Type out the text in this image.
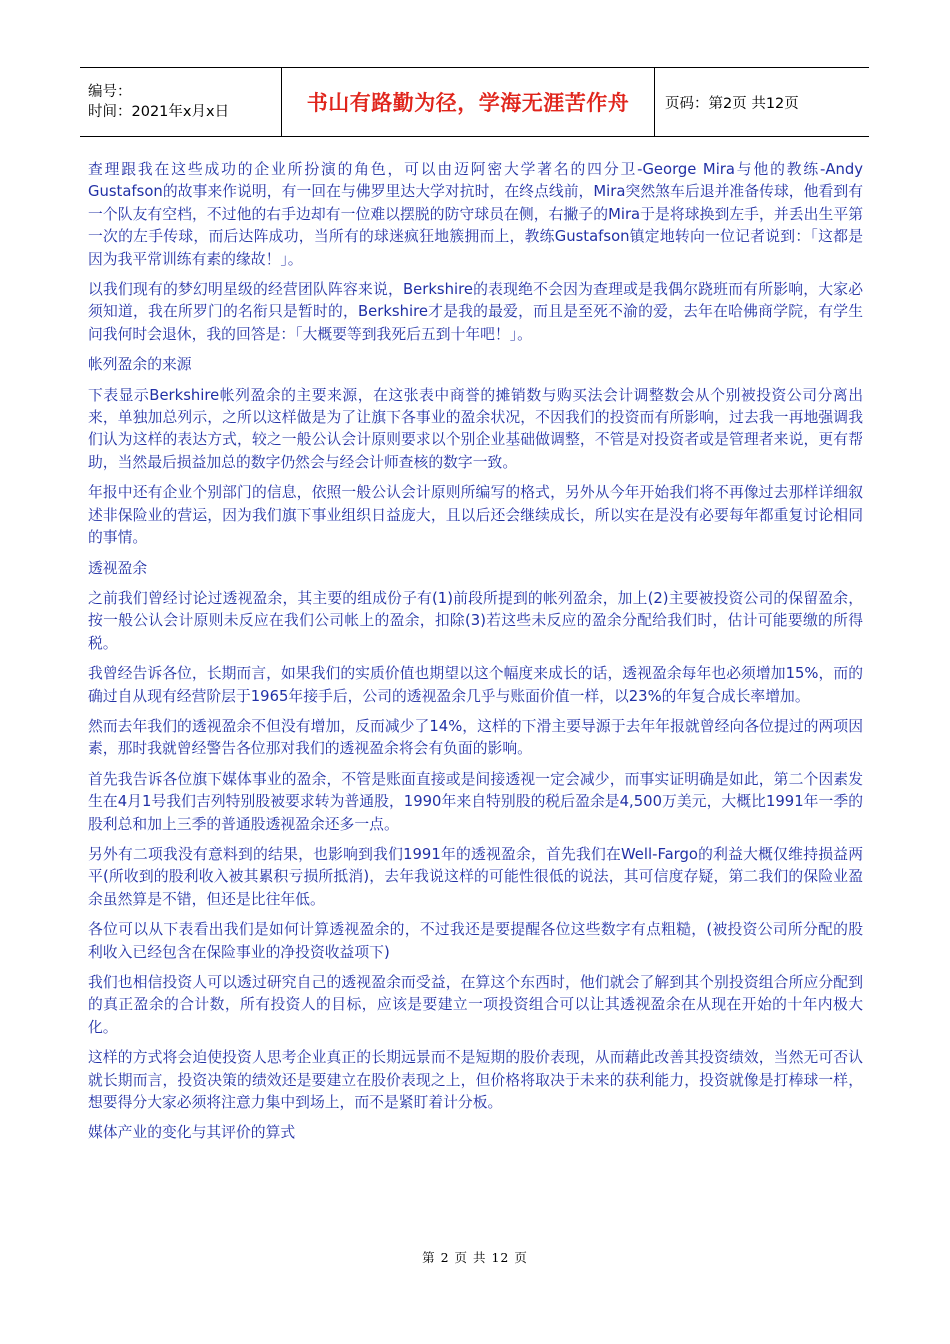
编号：
时间：2021年x月x日	书山有路勤为径，学海无涯苦作舟 页码：第2页 共12页

查理跟我在这些成功的企业所扮演的角色，可以由迈阿密大学著名的四分卫-George Mira与他的教练-Andy Gustafson的故事来作说明，有一回在与佛罗里达大学对抗时，在终点线前，Mira突然煞车后退并准备传球，他看到有一个队友有空档，不过他的右手边却有一位难以摆脱的防守球员在侧，右撇子的Mira于是将球换到左手，并丢出生平第一次的左手传球，而后达阵成功，当所有的球迷疯狂地簇拥而上，教练Gustafson镇定地转向一位记者说到：「这都是因为我平常训练有素的缘故！」。

以我们现有的梦幻明星级的经营团队阵容来说，Berkshire的表现绝不会因为查理或是我偶尔跷班而有所影响，大家必须知道，我在所罗门的名衔只是暂时的，Berkshire才是我的最爱，而且是至死不渝的爱，去年在哈佛商学院，有学生问我何时会退休，我的回答是：「大概要等到我死后五到十年吧！」。

帐列盈余的来源

下表显示Berkshire帐列盈余的主要来源，在这张表中商誉的摊销数与购买法会计调整数会从个别被投资公司分离出来，单独加总列示，之所以这样做是为了让旗下各事业的盈余状况，不因我们的投资而有所影响，过去我一再地强调我们认为这样的表达方式，较之一般公认会计原则要求以个别企业基础做调整，不管是对投资者或是管理者来说，更有帮助，当然最后损益加总的数字仍然会与经会计师查核的数字一致。

年报中还有企业个别部门的信息，依照一般公认会计原则所编写的格式，另外从今年开始我们将不再像过去那样详细叙述非保险业的营运，因为我们旗下事业组织日益庞大，且以后还会继续成长，所以实在是没有必要每年都重复讨论相同的事情。

透视盈余

之前我们曾经讨论过透视盈余，其主要的组成份子有(1)前段所提到的帐列盈余，加上(2)主要被投资公司的保留盈余，按一般公认会计原则未反应在我们公司帐上的盈余，扣除(3)若这些未反应的盈余分配给我们时，估计可能要缴的所得税。

我曾经告诉各位，长期而言，如果我们的实质价值也期望以这个幅度来成长的话，透视盈余每年也必须增加15%，而的确过自从现有经营阶层于1965年接手后，公司的透视盈余几乎与账面价值一样，以23%的年复合成长率增加。

然而去年我们的透视盈余不但没有增加，反而减少了14%，这样的下滑主要导源于去年年报就曾经向各位提过的两项因素，那时我就曾经警告各位那对我们的透视盈余将会有负面的影响。

首先我告诉各位旗下媒体事业的盈余，不管是账面直接或是间接透视一定会减少，而事实证明确是如此，第二个因素发生在4月1号我们吉列特别股被要求转为普通股，1990年来自特别股的税后盈余是4,500万美元，大概比1991年一季的股利总和加上三季的普通股透视盈余还多一点。

另外有二项我没有意料到的结果，也影响到我们1991年的透视盈余，首先我们在Well-Fargo的利益大概仅维持损益两平(所收到的股利收入被其累积亏损所抵消)，去年我说这样的可能性很低的说法，其可信度存疑，第二我们的保险业盈余虽然算是不错，但还是比往年低。

各位可以从下表看出我们是如何计算透视盈余的，不过我还是要提醒各位这些数字有点粗糙，(被投资公司所分配的股利收入已经包含在保险事业的净投资收益项下)

我们也相信投资人可以透过研究自己的透视盈余而受益，在算这个东西时，他们就会了解到其个别投资组合所应分配到的真正盈余的合计数，所有投资人的目标，应该是要建立一项投资组合可以让其透视盈余在从现在开始的十年内极大化。

这样的方式将会迫使投资人思考企业真正的长期远景而不是短期的股价表现，从而藉此改善其投资绩效，当然无可否认就长期而言，投资决策的绩效还是要建立在股价表现之上，但价格将取决于未来的获利能力，投资就像是打棒球一样，想要得分大家必须将注意力集中到场上，而不是紧盯着计分板。

媒体产业的变化与其评价的算式

第 2 页 共 12 页
